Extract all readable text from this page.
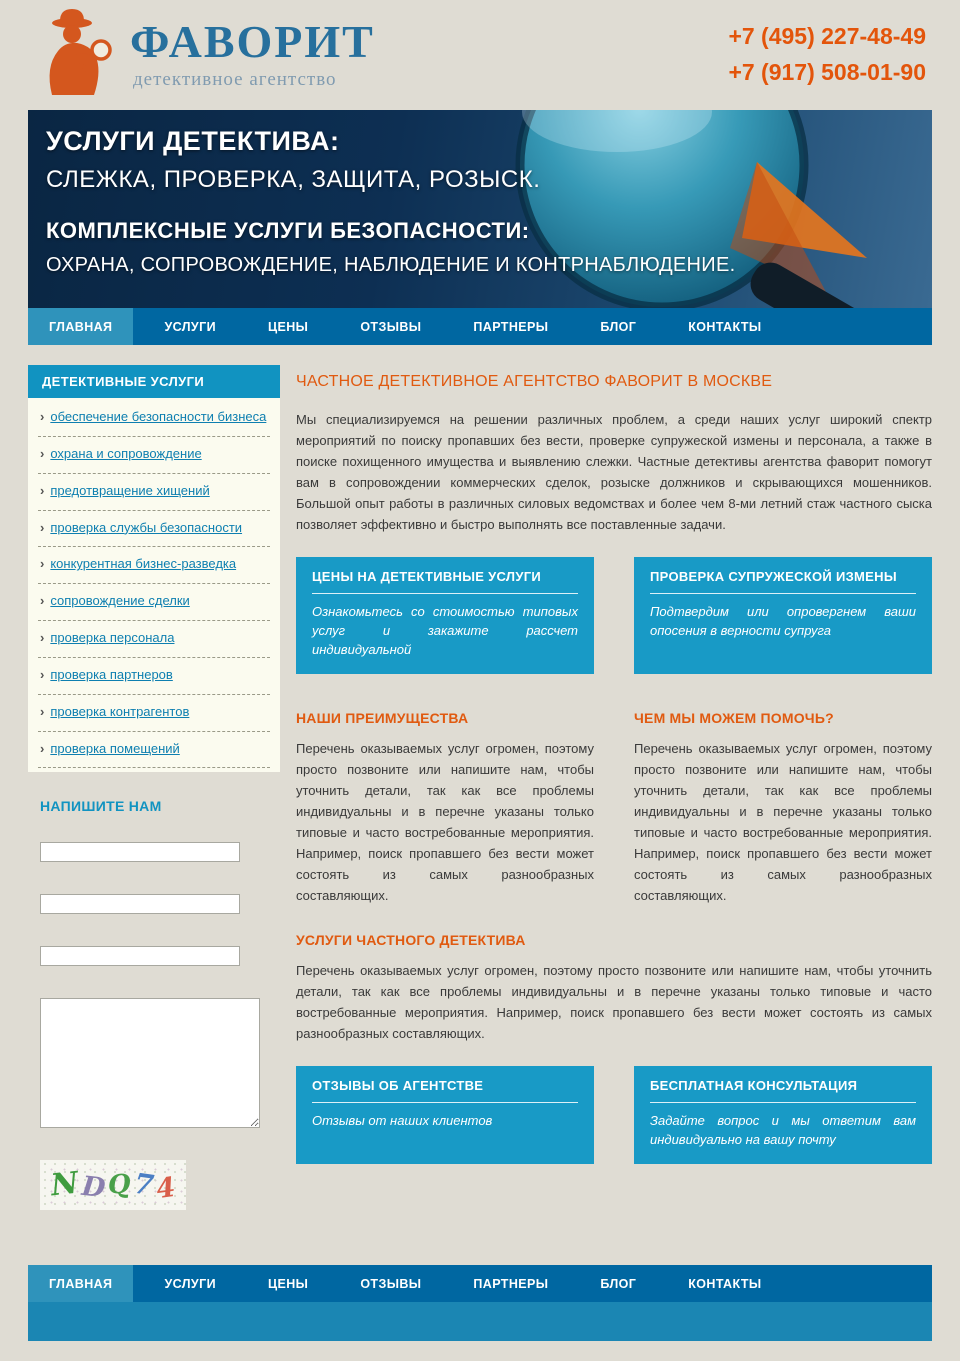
ФАВОРИТ
детективное агентство
+7 (495) 227-48-49
+7 (917) 508-01-90
УСЛУГИ ДЕТЕКТИВА:
СЛЕЖКА, ПРОВЕРКА, ЗАЩИТА, РОЗЫСК.
КОМПЛЕКСНЫЕ УСЛУГИ БЕЗОПАСНОСТИ:
ОХРАНА, СОПРОВОЖДЕНИЕ, НАБЛЮДЕНИЕ И КОНТРНАБЛЮДЕНИЕ.
ГЛАВНАЯ	УСЛУГИ	ЦЕНЫ	ОТЗЫВЫ	ПАРТНЕРЫ	БЛОГ	КОНТАКТЫ
ДЕТЕКТИВНЫЕ УСЛУГИ
› обеспечение безопасности бизнеса
› охрана и сопровождение
› предотвращение хищений
› проверка службы безопасности
› конкурентная бизнес-разведка
› сопровождение сделки
› проверка персонала
› проверка партнеров
› проверка контрагентов
› проверка помещений
НАПИШИТЕ НАМ
N D Q 7 4
ЧАСТНОЕ ДЕТЕКТИВНОЕ АГЕНТСТВО ФАВОРИТ В МОСКВЕ

Мы специализируемся на решении различных проблем, а среди наших услуг широкий спектр мероприятий по поиску пропавших без вести, проверке супружеской измены и персонала, а также в поиске похищенного имущества и выявлению слежки. Частные детективы агентства фаворит помогут вам в сопровождении коммерческих сделок, розыске должников и скрывающихся мошенников. Большой опыт работы в различных силовых ведомствах и более чем 8-ми летний стаж частного сыска позволяет эффективно и быстро выполнять все поставленные задачи.

ЦЕНЫ НА ДЕТЕКТИВНЫЕ УСЛУГИ
Ознакомьтесь со стоимостью типовых услуг и закажите рассчет индивидуальной
ПРОВЕРКА СУПРУЖЕСКОЙ ИЗМЕНЫ
Подтвердим или опровергнем ваши опосения в верности супруга
НАШИ ПРЕИМУЩЕСТВА

Перечень оказываемых услуг огромен, поэтому просто позвоните или напишите нам, чтобы уточнить детали, так как все проблемы индивидуальны и в перечне указаны только типовые и часто востребованные мероприятия. Например, поиск пропавшего без вести может состоять из самых разнообразных составляющих.

ЧЕМ МЫ МОЖЕМ ПОМОЧЬ?

Перечень оказываемых услуг огромен, поэтому просто позвоните или напишите нам, чтобы уточнить детали, так как все проблемы индивидуальны и в перечне указаны только типовые и часто востребованные мероприятия. Например, поиск пропавшего без вести может состоять из самых разнообразных составляющих.

УСЛУГИ ЧАСТНОГО ДЕТЕКТИВА

Перечень оказываемых услуг огромен, поэтому просто позвоните или напишите нам, чтобы уточнить детали, так как все проблемы индивидуальны и в перечне указаны только типовые и часто востребованные мероприятия. Например, поиск пропавшего без вести может состоять из самых разнообразных составляющих.

ОТЗЫВЫ ОБ АГЕНТСТВЕ
Отзывы от наших клиентов
БЕСПЛАТНАЯ КОНСУЛЬТАЦИЯ
Задайте вопрос и мы ответим вам индивидуально на вашу почту
ГЛАВНАЯ	УСЛУГИ	ЦЕНЫ	ОТЗЫВЫ	ПАРТНЕРЫ	БЛОГ	КОНТАКТЫ
